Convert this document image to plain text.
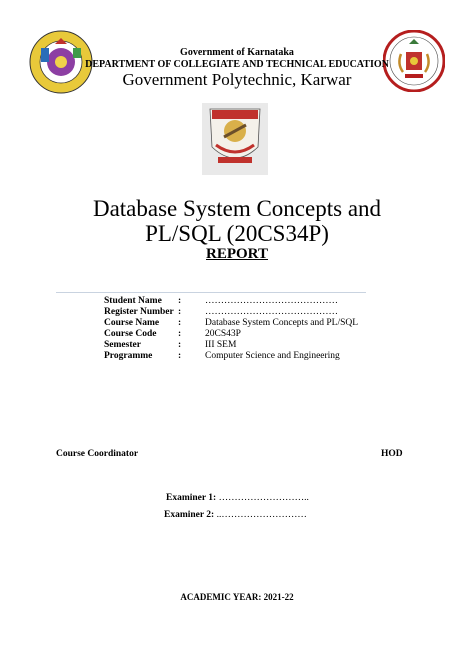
Government of Karnataka
DEPARTMENT OF COLLEGIATE AND TECHNICAL EDUCATION
Government Polytechnic, Karwar
Database System Concepts and
PL/SQL (20CS34P)
REPORT
Student Name :	……………………………………
Register Number :	……………………………………
Course Name :	Database System Concepts and PL/SQL
Course Code :	20CS43P
Semester	:	III SEM
Programme	:	Computer Science and Engineering
Course Coordinator	HOD
Examiner 1: ………………………..
Examiner 2: ..………………………
ACADEMIC YEAR: 2021-22
